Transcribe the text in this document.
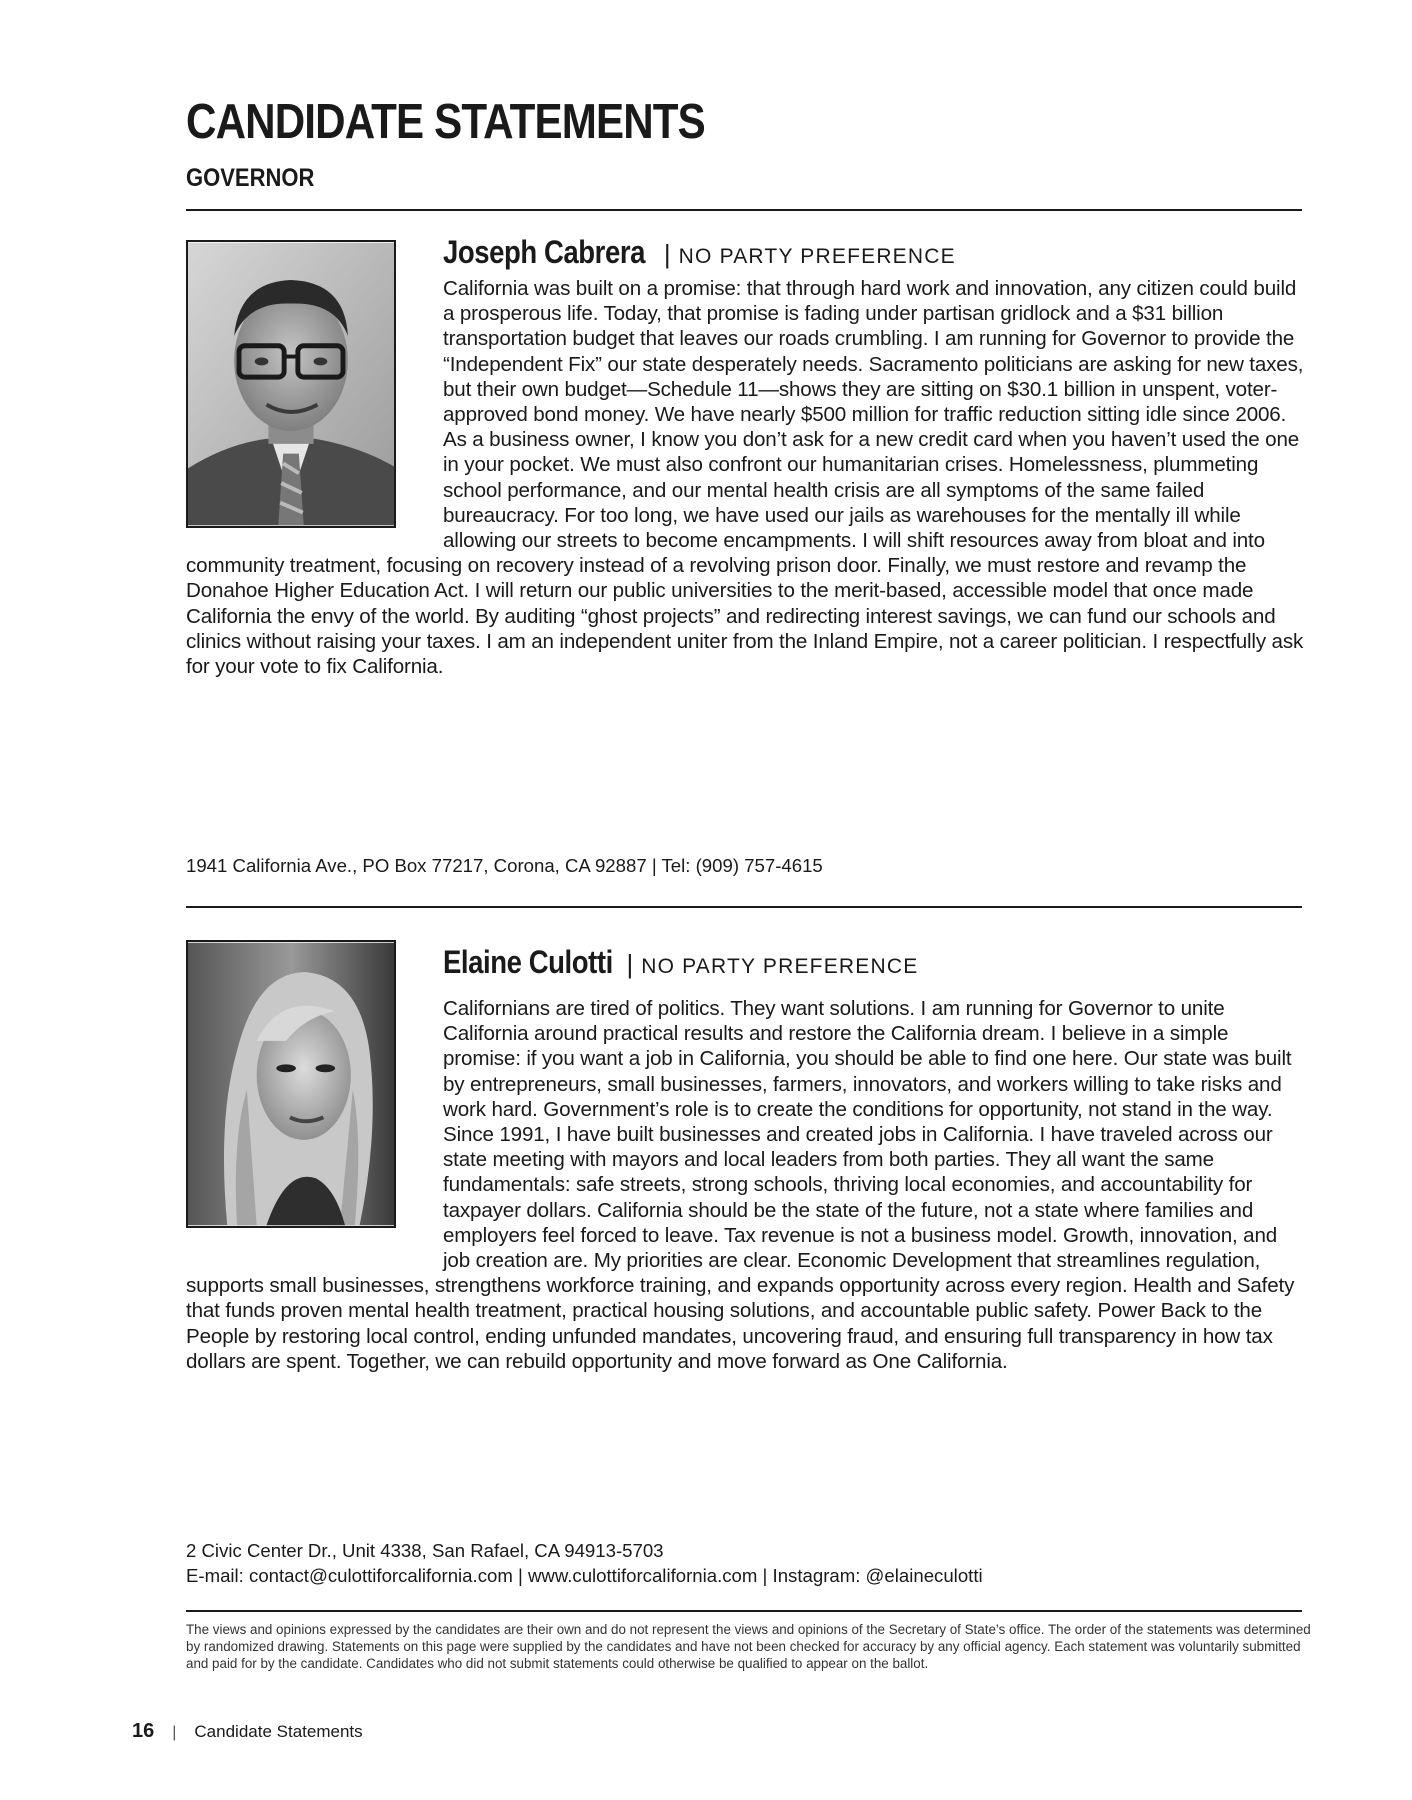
CANDIDATE STATEMENTS
GOVERNOR
Joseph Cabrera | NO PARTY PREFERENCE

California was built on a promise: that through hard work and innovation, any citizen could build a prosperous life. Today, that promise is fading under partisan gridlock and a $31 billion transportation budget that leaves our roads crumbling. I am running for Governor to provide the “Independent Fix” our state desperately needs. Sacramento politicians are asking for new taxes, but their own budget—Schedule 11—shows they are sitting on $30.1 billion in unspent, voter-approved bond money. We have nearly $500 million for traffic reduction sitting idle since 2006. As a business owner, I know you don’t ask for a new credit card when you haven’t used the one in your pocket. We must also confront our humanitarian crises. Homelessness, plummeting school performance, and our mental health crisis are all symptoms of the same failed bureaucracy. For too long, we have used our jails as warehouses for the mentally ill while allowing our streets to become encampments. I will shift resources away from bloat and into community treatment, focusing on recovery instead of a revolving prison door. Finally, we must restore and revamp the Donahoe Higher Education Act. I will return our public universities to the merit-based, accessible model that once made California the envy of the world. By auditing “ghost projects” and redirecting interest savings, we can fund our schools and clinics without raising your taxes. I am an independent uniter from the Inland Empire, not a career politician. I respectfully ask for your vote to fix California.

1941 California Ave., PO Box 77217, Corona, CA 92887 | Tel: (909) 757-4615
Elaine Culotti | NO PARTY PREFERENCE

Californians are tired of politics. They want solutions. I am running for Governor to unite California around practical results and restore the California dream. I believe in a simple promise: if you want a job in California, you should be able to find one here. Our state was built by entrepreneurs, small businesses, farmers, innovators, and workers willing to take risks and work hard. Government’s role is to create the conditions for opportunity, not stand in the way. Since 1991, I have built businesses and created jobs in California. I have traveled across our state meeting with mayors and local leaders from both parties. They all want the same fundamentals: safe streets, strong schools, thriving local economies, and accountability for taxpayer dollars. California should be the state of the future, not a state where families and employers feel forced to leave. Tax revenue is not a business model. Growth, innovation, and job creation are. My priorities are clear. Economic Development that streamlines regulation, supports small businesses, strengthens workforce training, and expands opportunity across every region. Health and Safety that funds proven mental health treatment, practical housing solutions, and accountable public safety. Power Back to the People by restoring local control, ending unfunded mandates, uncovering fraud, and ensuring full transparency in how tax dollars are spent. Together, we can rebuild opportunity and move forward as One California.

2 Civic Center Dr., Unit 4338, San Rafael, CA 94913-5703
E-mail: contact@culottiforcalifornia.com | www.culottiforcalifornia.com | Instagram: @elaineculotti

The views and opinions expressed by the candidates are their own and do not represent the views and opinions of the Secretary of State’s office. The order of the statements was determined by randomized drawing. Statements on this page were supplied by the candidates and have not been checked for accuracy by any official agency. Each statement was voluntarily submitted and paid for by the candidate. Candidates who did not submit statements could otherwise be qualified to appear on the ballot.

16 | Candidate Statements
